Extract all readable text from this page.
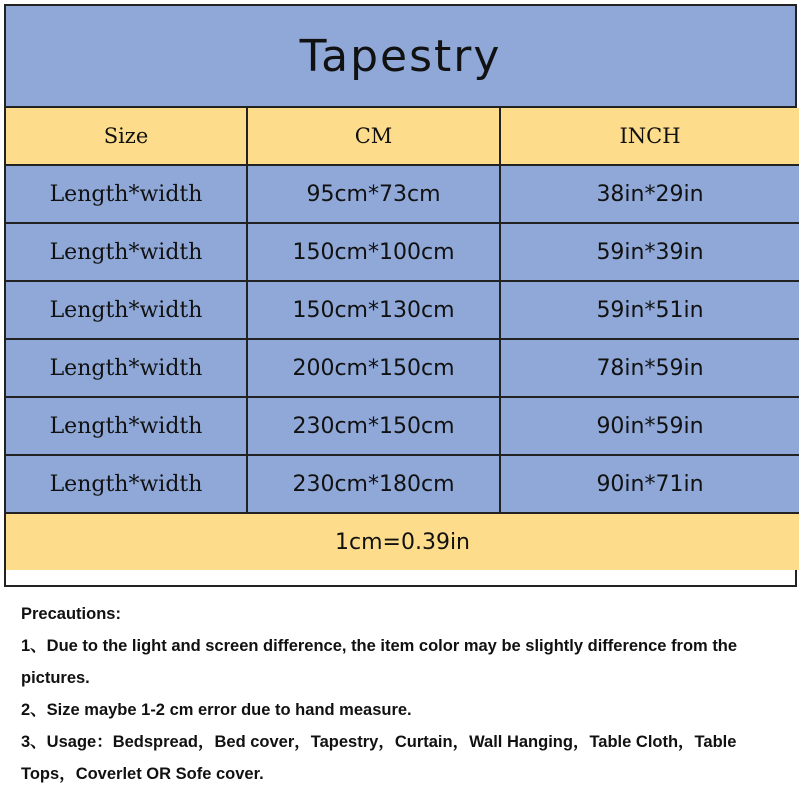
Tapestry
Size	CM	INCH
Length*width	95cm*73cm	38in*29in
Length*width	150cm*100cm	59in*39in
Length*width	150cm*130cm	59in*51in
Length*width	200cm*150cm	78in*59in
Length*width	230cm*150cm	90in*59in
Length*width	230cm*180cm	90in*71in
1cm=0.39in		
Precautions:
1、Due to the light and screen difference, the item color may be slightly difference from the pictures.
2、Size maybe 1-2 cm error due to hand measure.
3、Usage：Bedspread，Bed cover，Tapestry，Curtain，Wall Hanging，Table Cloth，Table Tops，Coverlet OR Sofe cover.
